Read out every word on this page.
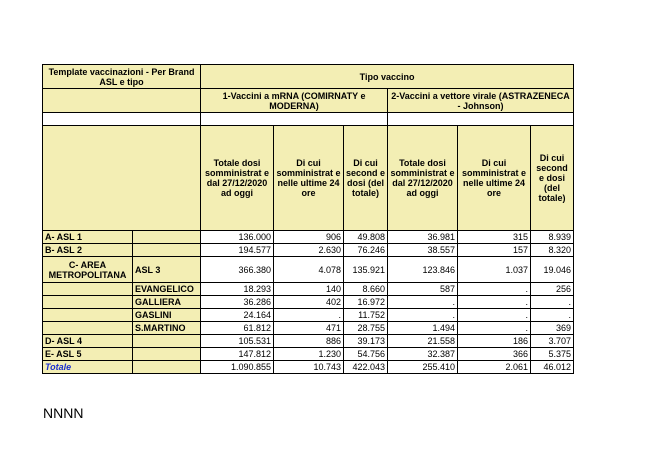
Template vaccinazioni - Per Brand ASL e tipo		Tipo vaccino					
		1-Vaccini a mRNA (COMIRNATY e MODERNA)			2-Vaccini a vettore virale (ASTRAZENECA - Johnson)		

		Totale dosi somministrat e dal 27/12/2020 ad oggi	Di cui somministrat e nelle ultime 24 ore	Di cui second e dosi (del totale)	Totale dosi somministrat e dal 27/12/2020 ad oggi	Di cui somministrat e nelle ultime 24 ore	Di cui second e dosi (del totale)
A- ASL 1		136.000	906	49.808	36.981	315	8.939
B- ASL 2		194.577	2.630	76.246	38.557	157	8.320
C- AREA METROPOLITANA	ASL 3	366.380	4.078	135.921	123.846	1.037	19.046
	EVANGELICO	18.293	140	8.660	587	.	256
	GALLIERA	36.286	402	16.972	.	.	.
	GASLINI	24.164	.	11.752	.	.	.
	S.MARTINO	61.812	471	28.755	1.494	.	369
D- ASL 4		105.531	886	39.173	21.558	186	3.707
E- ASL 5		147.812	1.230	54.756	32.387	366	5.375
Totale		1.090.855	10.743	422.043	255.410	2.061	46.012
NNNN
